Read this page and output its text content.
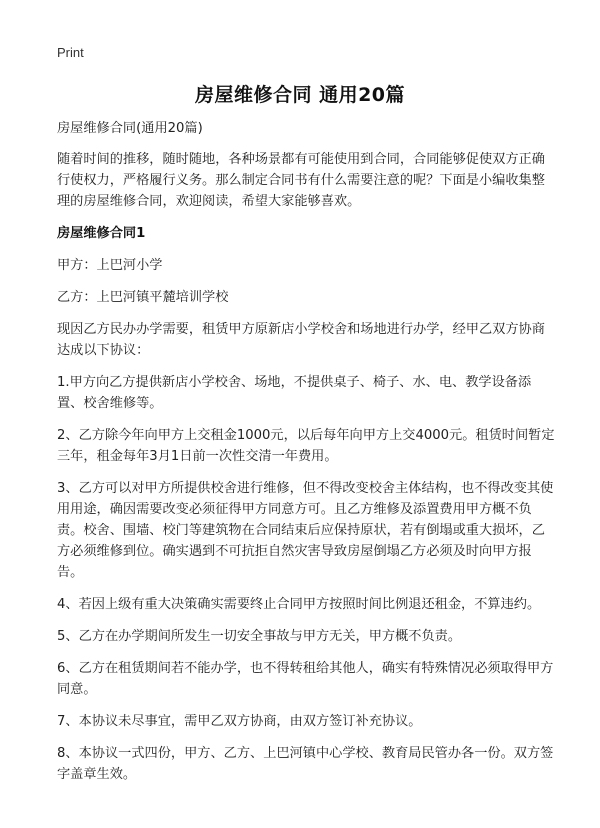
Print
房屋维修合同 通用20篇

房屋维修合同(通用20篇)

随着时间的推移，随时随地，各种场景都有可能使用到合同，合同能够促使双方正确行使权力，严格履行义务。那么制定合同书有什么需要注意的呢？下面是小编收集整理的房屋维修合同，欢迎阅读，希望大家能够喜欢。

房屋维修合同1

甲方：上巴河小学

乙方：上巴河镇平麓培训学校

现因乙方民办办学需要，租赁甲方原新店小学校舍和场地进行办学，经甲乙双方协商达成以下协议：

1.甲方向乙方提供新店小学校舍、场地，不提供桌子、椅子、水、电、教学设备添置、校舍维修等。

2、乙方除今年向甲方上交租金1000元，以后每年向甲方上交4000元。租赁时间暂定三年，租金每年3月1日前一次性交清一年费用。

3、乙方可以对甲方所提供校舍进行维修，但不得改变校舍主体结构，也不得改变其使用用途，确因需要改变必须征得甲方同意方可。且乙方维修及添置费用甲方概不负责。校舍、围墙、校门等建筑物在合同结束后应保持原状，若有倒塌或重大损坏，乙方必须维修到位。确实遇到不可抗拒自然灾害导致房屋倒塌乙方必须及时向甲方报告。

4、若因上级有重大决策确实需要终止合同甲方按照时间比例退还租金，不算违约。

5、乙方在办学期间所发生一切安全事故与甲方无关，甲方概不负责。

6、乙方在租赁期间若不能办学，也不得转租给其他人，确实有特殊情况必须取得甲方同意。

7、本协议未尽事宜，需甲乙双方协商，由双方签订补充协议。

8、本协议一式四份，甲方、乙方、上巴河镇中心学校、教育局民管办各一份。双方签字盖章生效。
